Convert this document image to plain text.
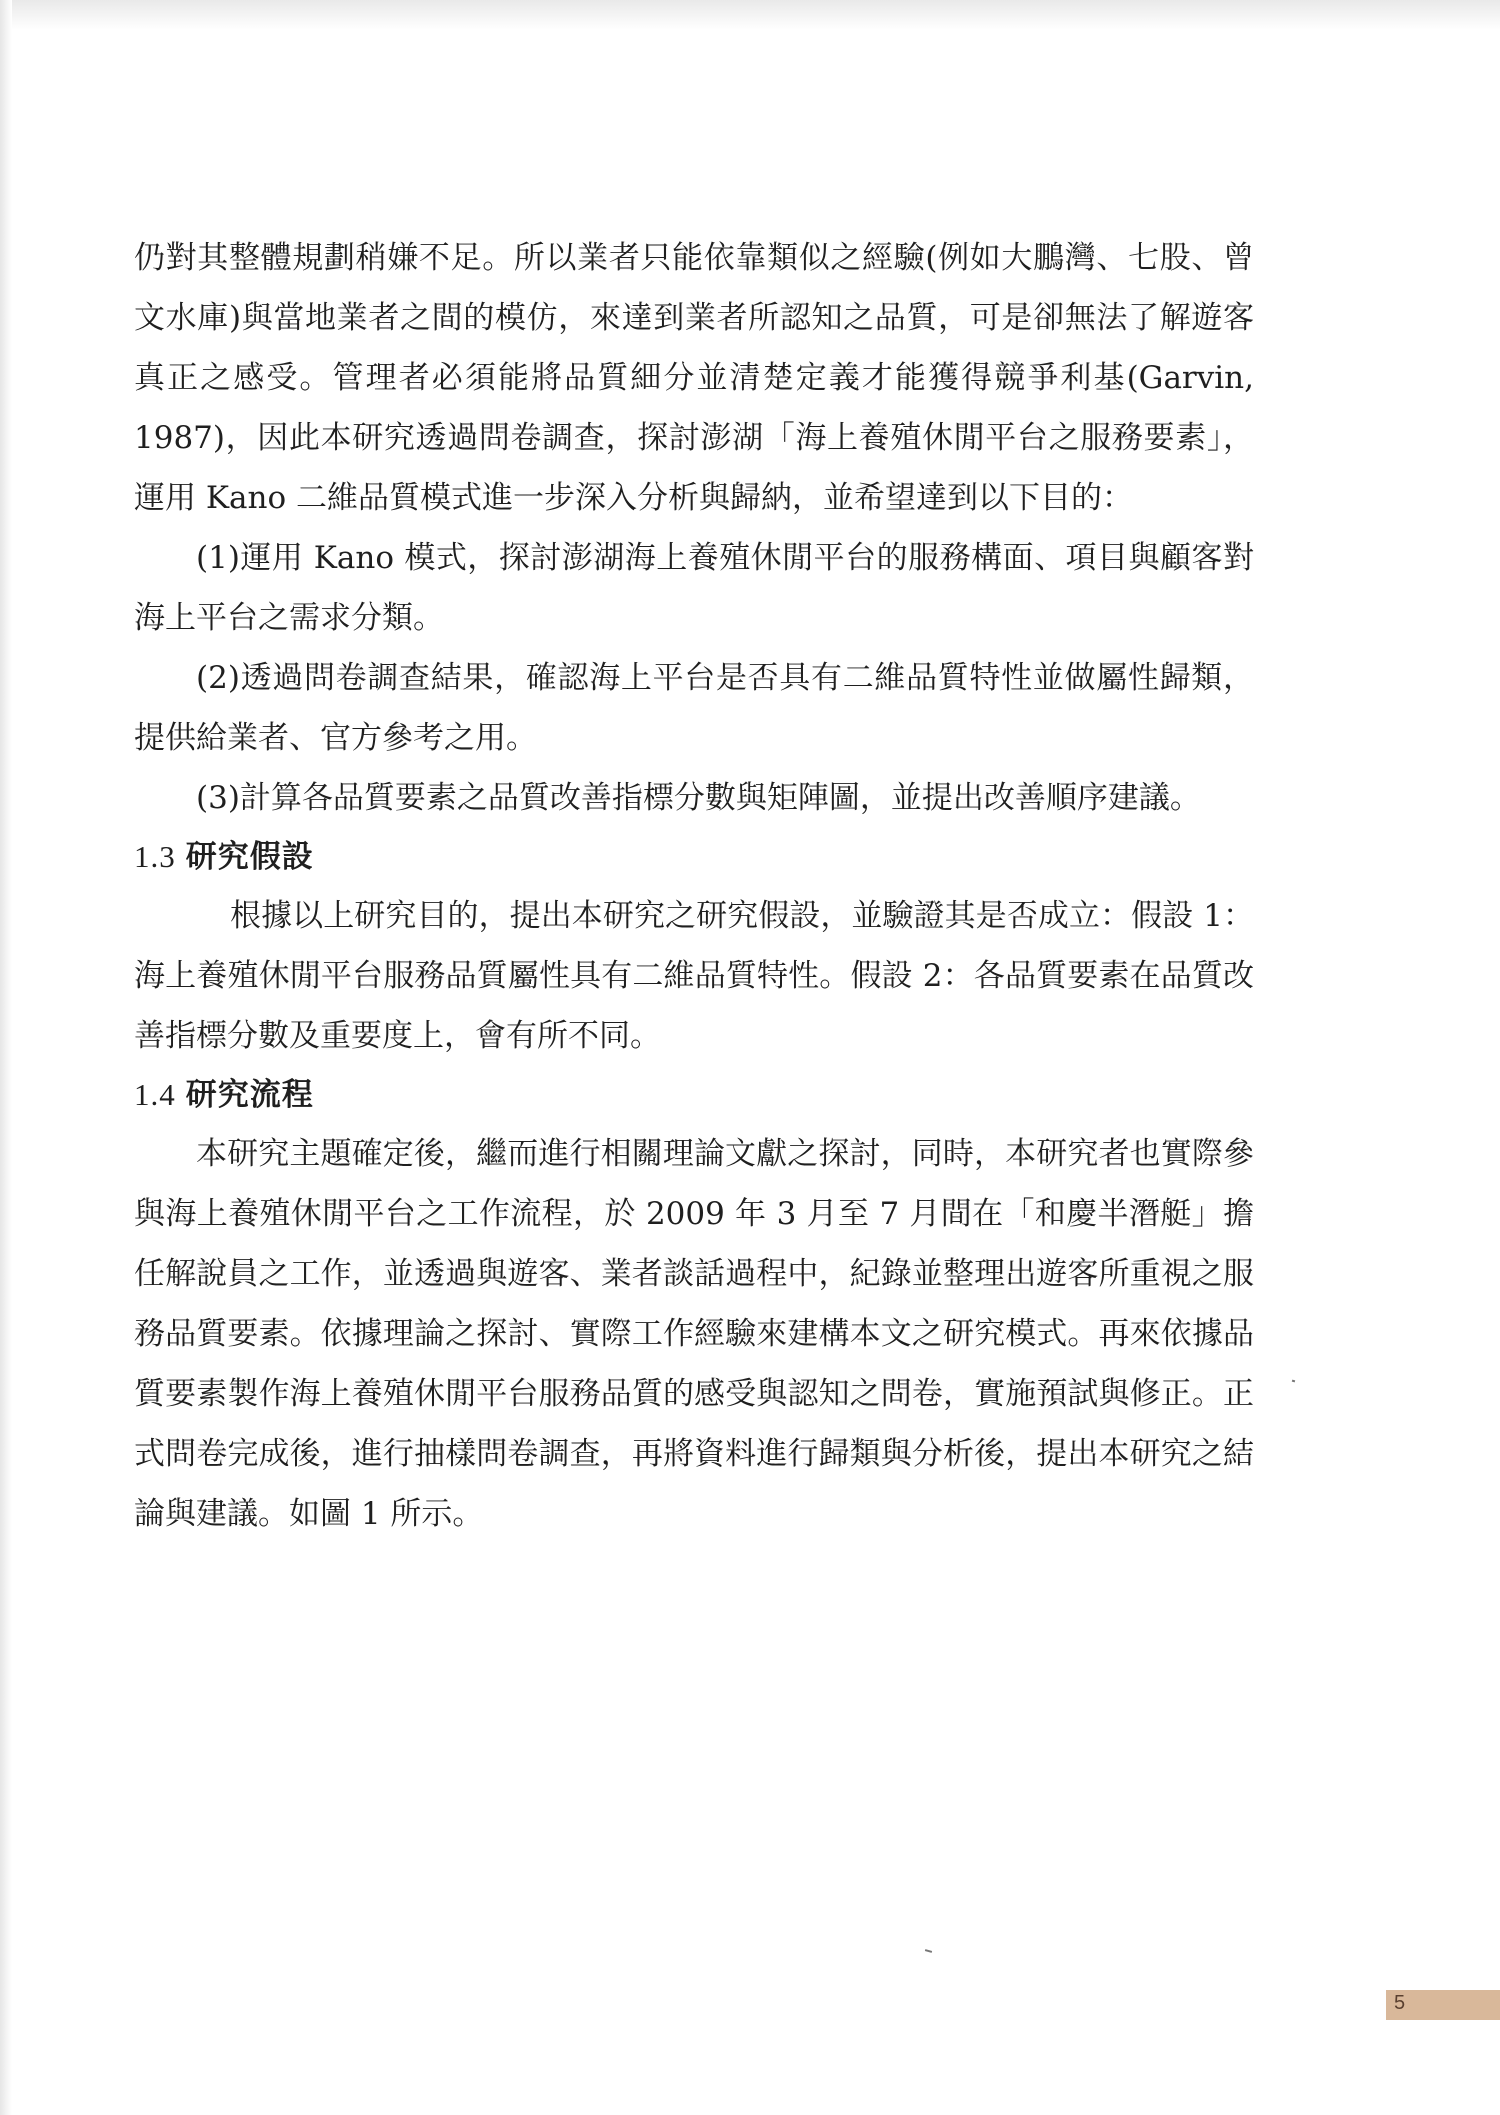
仍對其整體規劃稍嫌不足。所以業者只能依靠類似之經驗(例如大鵬灣、七股、曾文水庫)與當地業者之間的模仿，來達到業者所認知之品質，可是卻無法了解遊客真正之感受。管理者必須能將品質細分並清楚定義才能獲得競爭利基(Garvin, 1987)，因此本研究透過問卷調查，探討澎湖「海上養殖休閒平台之服務要素」，運用 Kano 二維品質模式進一步深入分析與歸納，並希望達到以下目的：

(1)運用 Kano 模式，探討澎湖海上養殖休閒平台的服務構面、項目與顧客對海上平台之需求分類。

(2)透過問卷調查結果，確認海上平台是否具有二維品質特性並做屬性歸類，提供給業者、官方參考之用。

(3)計算各品質要素之品質改善指標分數與矩陣圖，並提出改善順序建議。

1.3 研究假設

根據以上研究目的，提出本研究之研究假設，並驗證其是否成立：假設 1：海上養殖休閒平台服務品質屬性具有二維品質特性。假設 2：各品質要素在品質改善指標分數及重要度上，會有所不同。

1.4 研究流程

本研究主題確定後，繼而進行相關理論文獻之探討，同時，本研究者也實際參與海上養殖休閒平台之工作流程，於 2009 年 3 月至 7 月間在「和慶半潛艇」擔任解說員之工作，並透過與遊客、業者談話過程中，紀錄並整理出遊客所重視之服務品質要素。依據理論之探討、實際工作經驗來建構本文之研究模式。再來依據品質要素製作海上養殖休閒平台服務品質的感受與認知之問卷，實施預試與修正。正式問卷完成後，進行抽樣問卷調查，再將資料進行歸類與分析後，提出本研究之結論與建議。如圖 1 所示。

5
